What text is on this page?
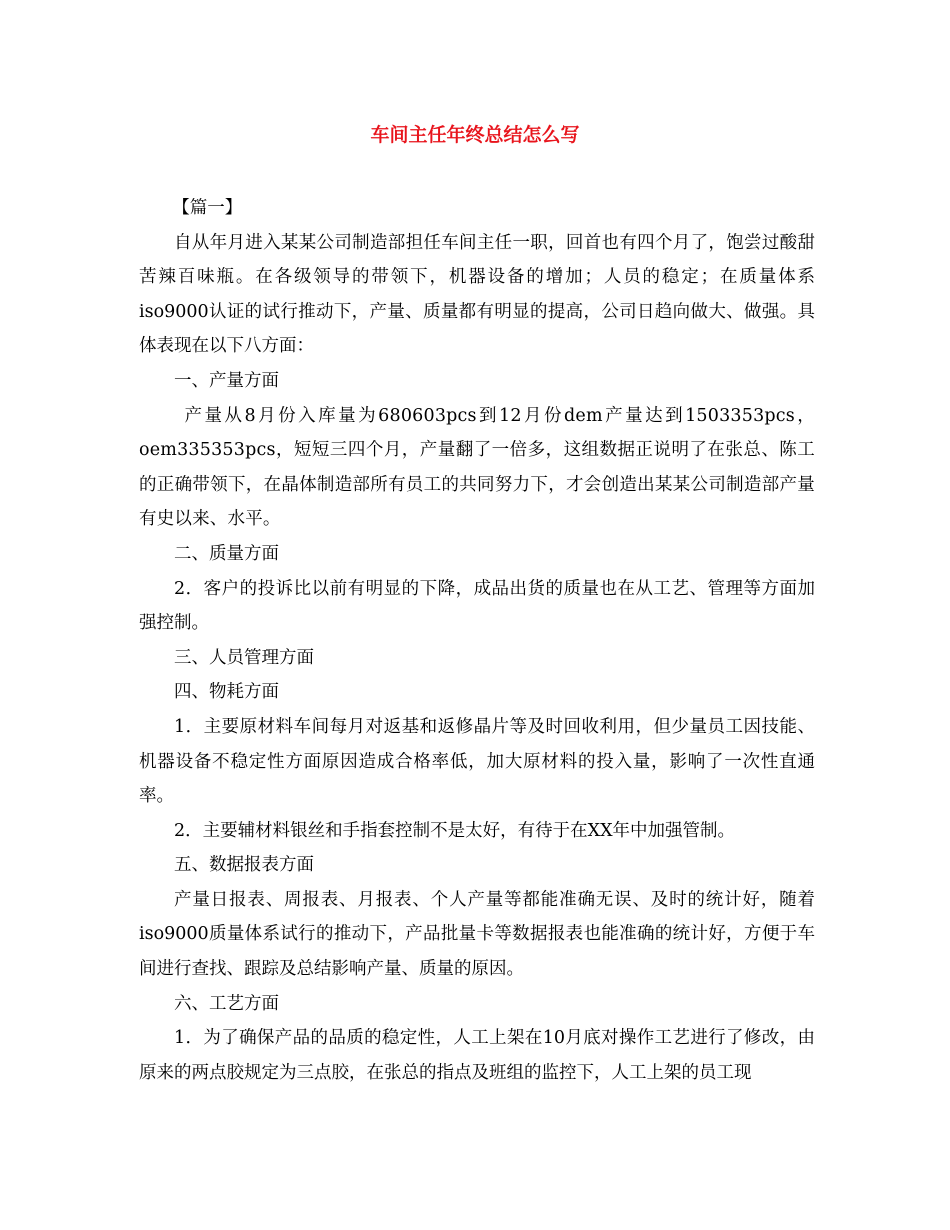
车间主任年终总结怎么写

【篇一】

自从年月进入某某公司制造部担任车间主任一职，回首也有四个月了，饱尝过酸甜苦辣百味瓶。在各级领导的带领下，机器设备的增加；人员的稳定；在质量体系iso9000认证的试行推动下，产量、质量都有明显的提高，公司日趋向做大、做强。具体表现在以下八方面：

一、产量方面

产量从8月份入库量为680603pcs到12月份dem产量达到1503353pcs，oem335353pcs，短短三四个月，产量翻了一倍多，这组数据正说明了在张总、陈工的正确带领下，在晶体制造部所有员工的共同努力下，才会创造出某某公司制造部产量有史以来、水平。

二、质量方面

2．客户的投诉比以前有明显的下降，成品出货的质量也在从工艺、管理等方面加强控制。

三、人员管理方面

四、物耗方面

1．主要原材料车间每月对返基和返修晶片等及时回收利用，但少量员工因技能、机器设备不稳定性方面原因造成合格率低，加大原材料的投入量，影响了一次性直通率。

2．主要辅材料银丝和手指套控制不是太好，有待于在XX年中加强管制。

五、数据报表方面

产量日报表、周报表、月报表、个人产量等都能准确无误、及时的统计好，随着iso9000质量体系试行的推动下，产品批量卡等数据报表也能准确的统计好，方便于车间进行查找、跟踪及总结影响产量、质量的原因。

六、工艺方面

1．为了确保产品的品质的稳定性，人工上架在10月底对操作工艺进行了修改，由原来的两点胶规定为三点胶，在张总的指点及班组的监控下，人工上架的员工现
